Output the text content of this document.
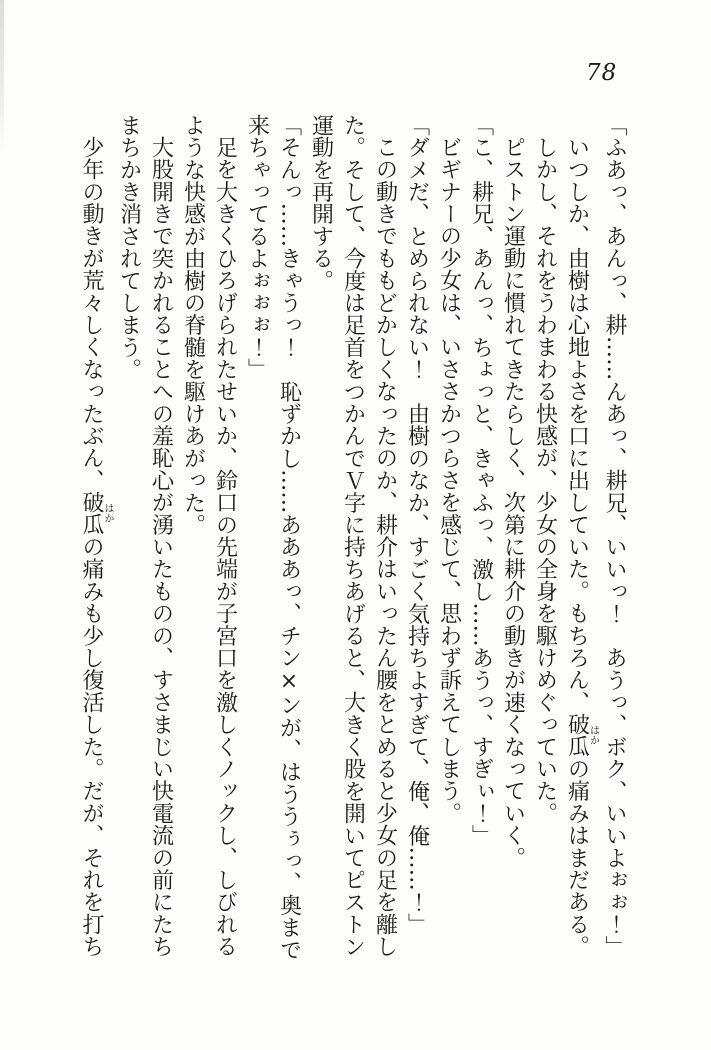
78
「ふあっ、あんっ、耕……んあっ、耕兄、いいっ！　あうっ、ボク、いいよぉぉ！」
いつしか、由樹は心地よさを口に出していた。もちろん、破瓜はかの痛みはまだある。
しかし、それをうわまわる快感が、少女の全身を駆けめぐっていた。
ピストン運動に慣れてきたらしく、次第に耕介の動きが速くなっていく。
「こ、耕兄、あんっ、ちょっと、きゃふっ、激し……あうっ、すぎぃ！」
ビギナーの少女は、いささかつらさを感じて、思わず訴えてしまう。
「ダメだ、とめられない！　由樹のなか、すごく気持ちよすぎて、俺、俺……！」
この動きでももどかしくなったのか、耕介はいったん腰をとめると少女の足を離し
た。そして、今度は足首をつかんでＶ字に持ちあげると、大きく股を開いてピストン
運動を再開する。
「そんっ……きゃうっ！　恥ずかし……あああっ、チン×ンが、はううぅっ、奥まで
来ちゃってるよぉぉぉ！」
足を大きくひろげられたせいか、鈴口の先端が子宮口を激しくノックし、しびれる
ような快感が由樹の脊髄を駆けあがった。
大股開きで突かれることへの羞恥心が湧いたものの、すさまじい快電流の前にたち
まちかき消されてしまう。
少年の動きが荒々しくなったぶん、破瓜はかの痛みも少し復活した。だが、それを打ち
